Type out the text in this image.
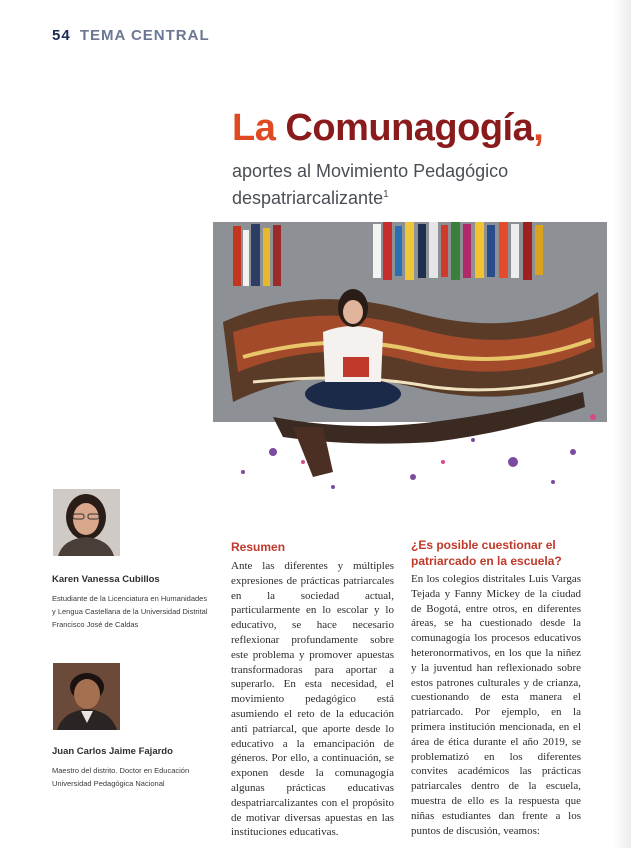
54 TEMA CENTRAL
La Comunagogía,
aportes al Movimiento Pedagógico despatriarcalizante$^1$
Karen Vanessa Cubillos
Estudiante de la Licenciatura en Humanidades y Lengua Castellana de la Universidad Distrital Francisco José de Caldas
Juan Carlos Jaime Fajardo
Maestro del distrito. Doctor en Educación Universidad Pedagógica Nacional
Resumen
Ante las diferentes y múltiples expresiones de prácticas patriarcales en la sociedad actual, particularmente en lo escolar y lo educativo, se hace necesario reflexionar profundamente sobre este problema y promover apuestas transformadoras para aportar a superarlo. En esta necesidad, el movimiento pedagógico está asumiendo el reto de la educación anti patriarcal, que aporte desde lo educativo a la emancipación de géneros. Por ello, a continuación, se exponen desde la comunagogía algunas prácticas educativas despatriarcalizantes con el propósito de motivar diversas apuestas en las instituciones educativas.
¿Es posible cuestionar el patriarcado en la escuela?
En los colegios distritales Luis Vargas Tejada y Fanny Mickey de la ciudad de Bogotá, entre otros, en diferentes áreas, se ha cuestionado desde la comunagogía los procesos educativos heteronormativos, en los que la niñez y la juventud han reflexionado sobre estos patrones culturales y de crianza, cuestionando de esta manera el patriarcado. Por ejemplo, en la primera institución mencionada, en el área de ética durante el año 2019, se problematizó en los diferentes convites académicos las prácticas patriarcales dentro de la escuela, muestra de ello es la respuesta que niñas estudiantes dan frente a los puntos de discusión, veamos:
